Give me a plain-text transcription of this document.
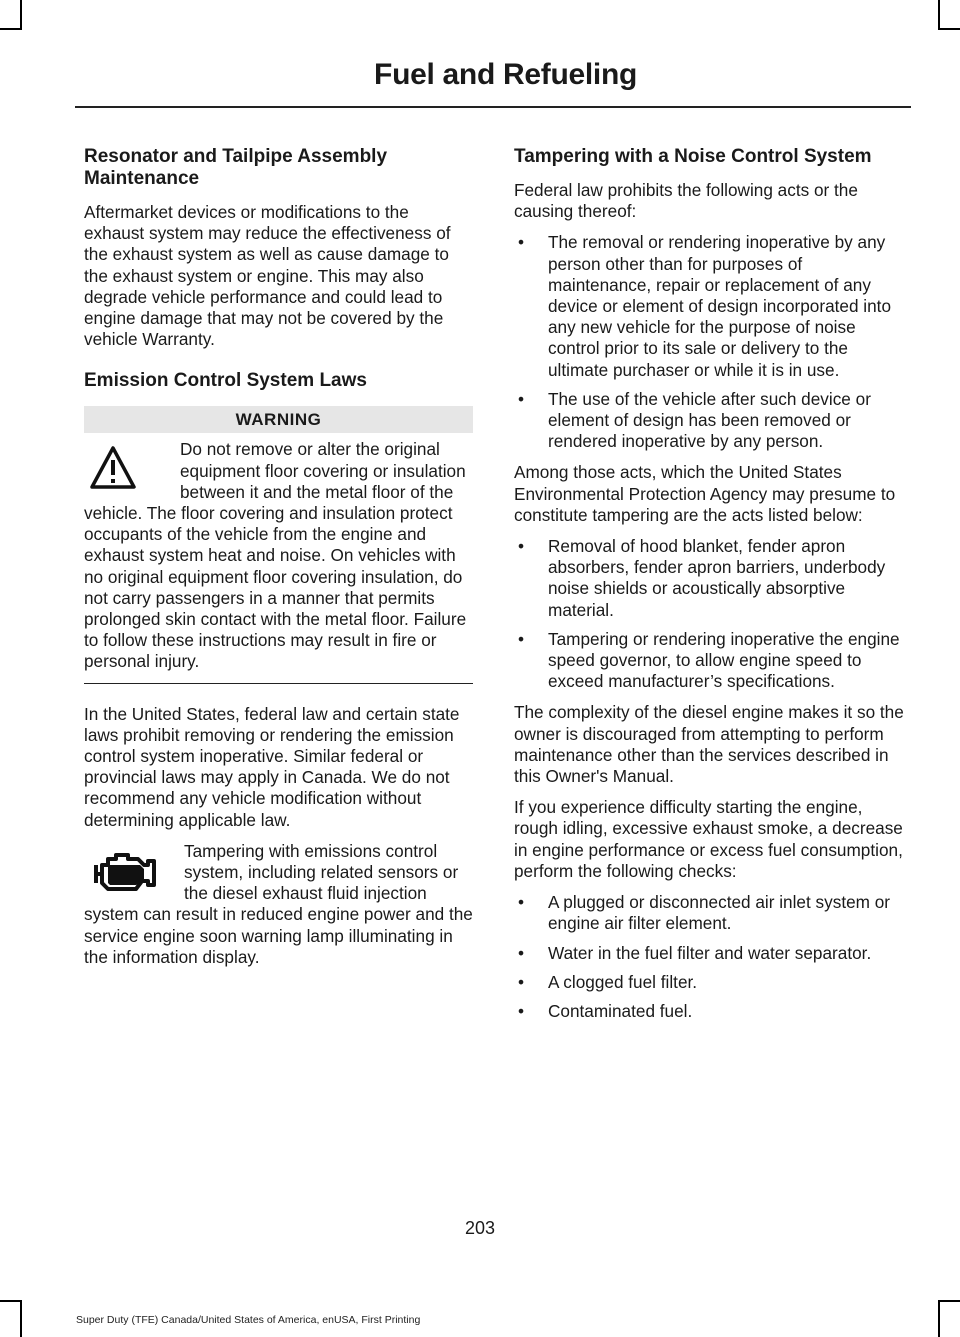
Fuel and Refueling
Resonator and Tailpipe Assembly Maintenance

Aftermarket devices or modifications to the exhaust system may reduce the effectiveness of the exhaust system as well as cause damage to the exhaust system or engine. This may also degrade vehicle performance and could lead to engine damage that may not be covered by the vehicle Warranty.

Emission Control System Laws
WARNING

Do not remove or alter the original equipment floor covering or insulation between it and the metal floor of the vehicle. The floor covering and insulation protect occupants of the vehicle from the engine and exhaust system heat and noise. On vehicles with no original equipment floor covering insulation, do not carry passengers in a manner that permits prolonged skin contact with the metal floor. Failure to follow these instructions may result in fire or personal injury.

In the United States, federal law and certain state laws prohibit removing or rendering the emission control system inoperative. Similar federal or provincial laws may apply in Canada. We do not recommend any vehicle modification without determining applicable law.

Tampering with emissions control system, including related sensors or the diesel exhaust fluid injection system can result in reduced engine power and the service engine soon warning lamp illuminating in the information display.

Tampering with a Noise Control System

Federal law prohibits the following acts or the causing thereof:

• The removal or rendering inoperative by any person other than for purposes of maintenance, repair or replacement of any device or element of design incorporated into any new vehicle for the purpose of noise control prior to its sale or delivery to the ultimate purchaser or while it is in use.
• The use of the vehicle after such device or element of design has been removed or rendered inoperative by any person.

Among those acts, which the United States Environmental Protection Agency may presume to constitute tampering are the acts listed below:

• Removal of hood blanket, fender apron absorbers, fender apron barriers, underbody noise shields or acoustically absorptive material.
• Tampering or rendering inoperative the engine speed governor, to allow engine speed to exceed manufacturer’s specifications.

The complexity of the diesel engine makes it so the owner is discouraged from attempting to perform maintenance other than the services described in this Owner's Manual.

If you experience difficulty starting the engine, rough idling, excessive exhaust smoke, a decrease in engine performance or excess fuel consumption, perform the following checks:

• A plugged or disconnected air inlet system or engine air filter element.
• Water in the fuel filter and water separator.
• A clogged fuel filter.
• Contaminated fuel.
203
Super Duty (TFE) Canada/United States of America, enUSA, First Printing
